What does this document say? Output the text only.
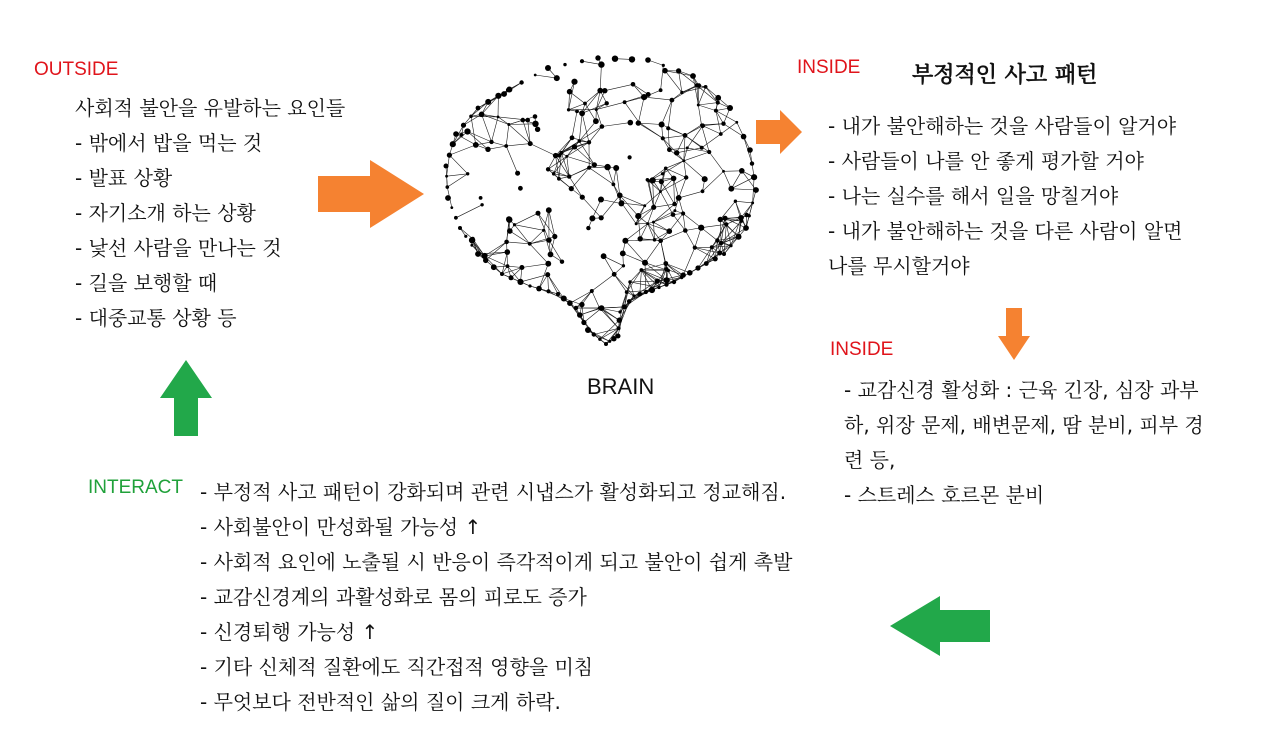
OUTSIDE
사회적 불안을 유발하는 요인들
- 밖에서 밥을 먹는 것
- 발표 상황
- 자기소개 하는 상황
- 낯선 사람을 만나는 것
- 길을 보행할 때
- 대중교통 상황 등
BRAIN
INSIDE 부정적인 사고 패턴
- 내가 불안해하는 것을 사람들이 알거야
- 사람들이 나를 안 좋게 평가할 거야
- 나는 실수를 해서 일을 망칠거야
- 내가 불안해하는 것을 다른 사람이 알면
나를 무시할거야
INSIDE
- 교감신경 활성화 : 근육 긴장, 심장 과부
하, 위장 문제, 배변문제, 땀 분비, 피부 경
련 등,
- 스트레스 호르몬 분비
INTERACT - 부정적 사고 패턴이 강화되며 관련 시냅스가 활성화되고 정교해짐.
- 사회불안이 만성화될 가능성 ↑
- 사회적 요인에 노출될 시 반응이 즉각적이게 되고 불안이 쉽게 촉발
- 교감신경계의 과활성화로 몸의 피로도 증가
- 신경퇴행 가능성 ↑
- 기타 신체적 질환에도 직간접적 영향을 미침
- 무엇보다 전반적인 삶의 질이 크게 하락.
